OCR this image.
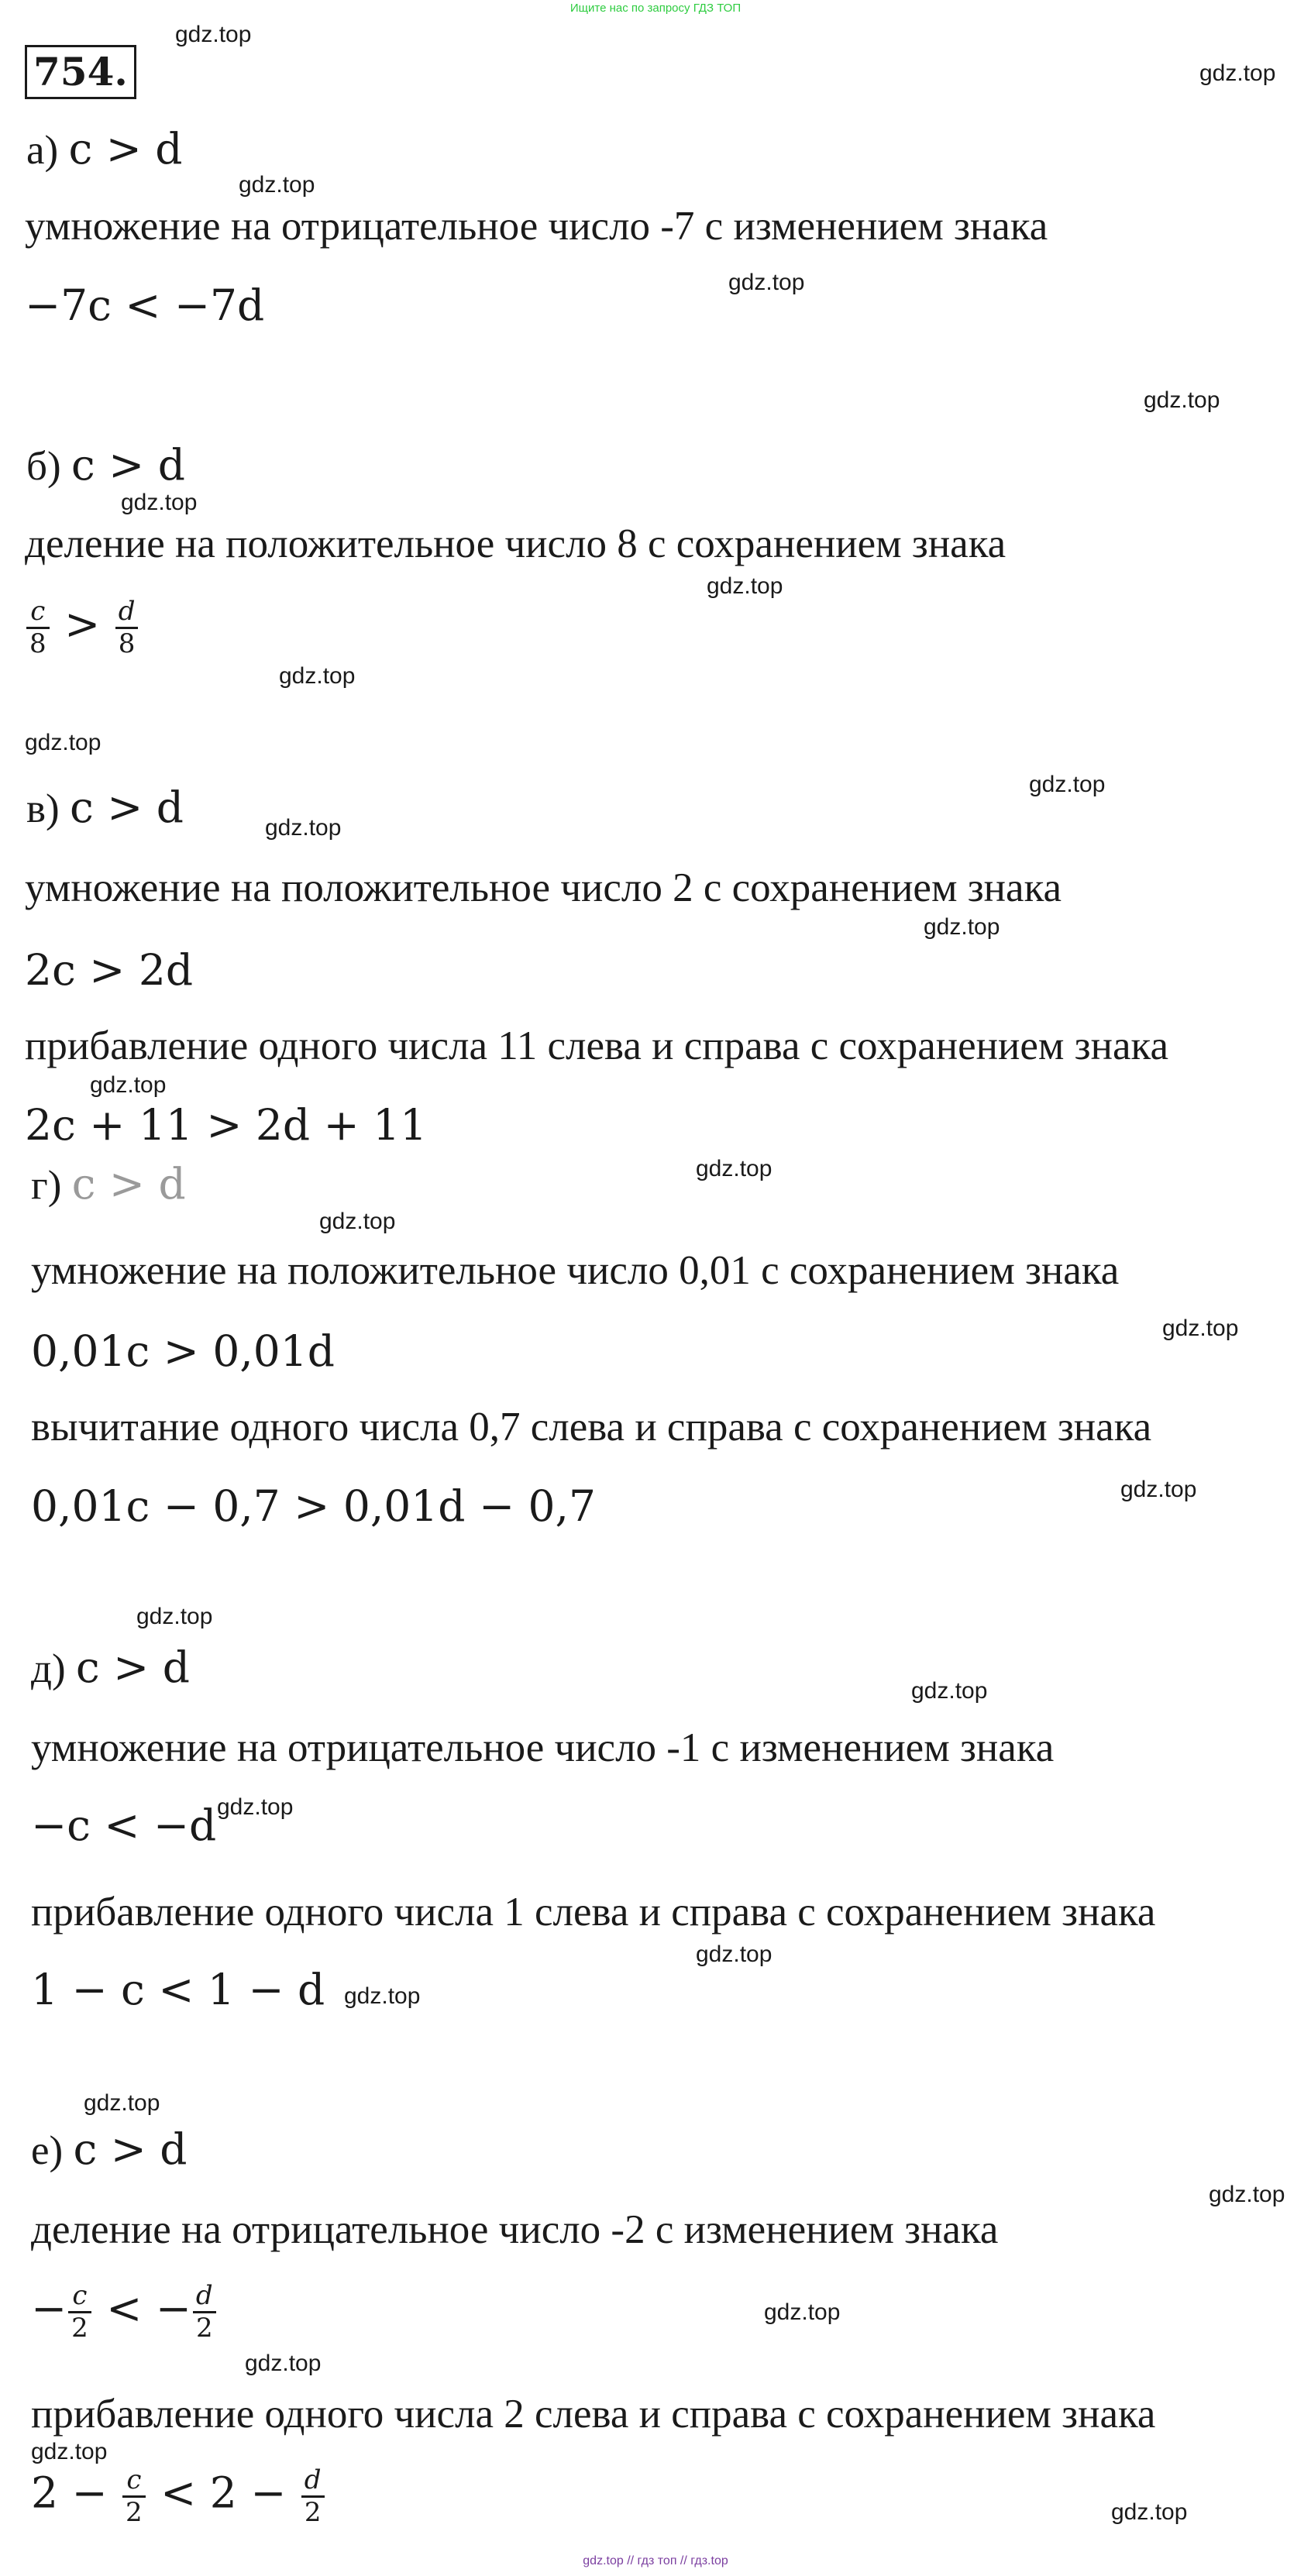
Ищите нас по запросу ГДЗ ТОП
754.
gdz.top
gdz.top
gdz.top
gdz.top
gdz.top
gdz.top
gdz.top
gdz.top
gdz.top
gdz.top
gdz.top
gdz.top
gdz.top
gdz.top
gdz.top
gdz.top
gdz.top
gdz.top
gdz.top
gdz.top
gdz.top
gdz.top
gdz.top
gdz.top
gdz.top
gdz.top
gdz.top
gdz.top
а) c > d
умножение на отрицательное число -7 с изменением знака
−7c < −7d
б) c > d
деление на положительное число 8 с сохранением знака
$\frac{c}{8} > \frac{d}{8}$
в) c > d
умножение на положительное число 2 с сохранением знака
2c > 2d
прибавление одного числа 11 слева и справа с сохранением знака
2c + 11 > 2d + 11
г) c > d
умножение на положительное число 0,01 с сохранением знака
0,01c > 0,01d
вычитание одного числа 0,7 слева и справа с сохранением знака
0,01c − 0,7 > 0,01d − 0,7
д) c > d
умножение на отрицательное число -1 с изменением знака
−c < −d
прибавление одного числа 1 слева и справа с сохранением знака
1 − c < 1 − d
е) c > d
деление на отрицательное число -2 с изменением знака
− $\frac{c}{2}$ < − $\frac{d}{2}$
прибавление одного числа 2 слева и справа с сохранением знака
$2 - \frac{c}{2} < 2 - \frac{d}{2}$
gdz.top // гдз топ // гдз.top
